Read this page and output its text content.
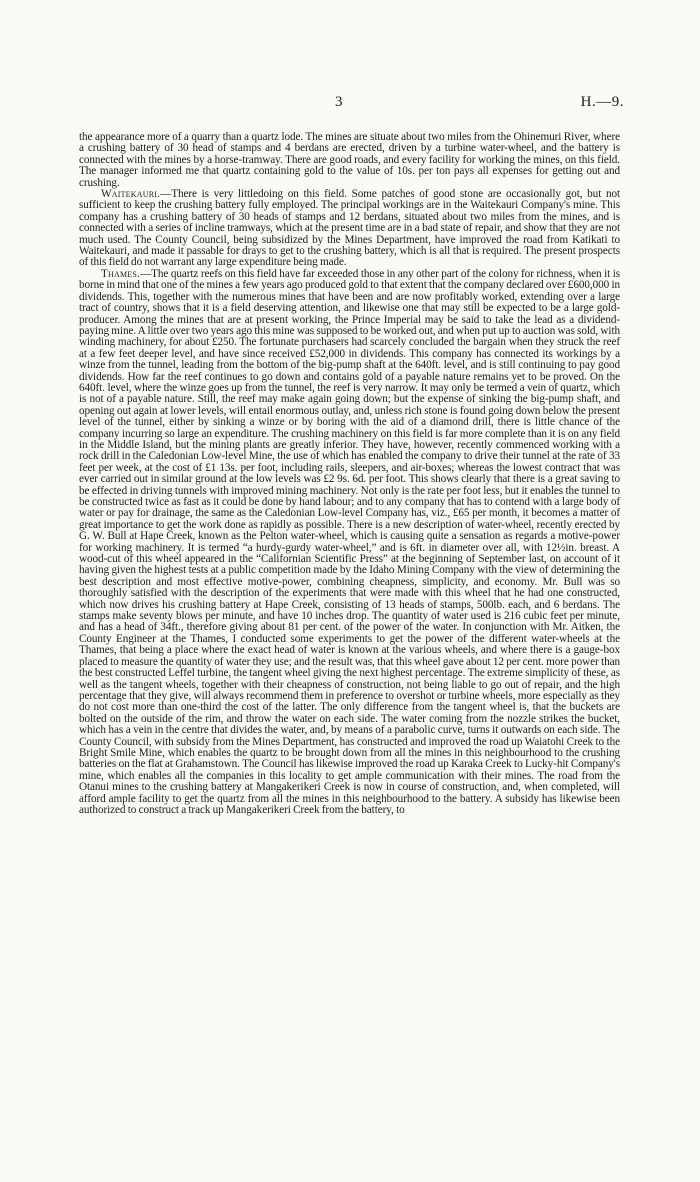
3	H.—9.

the appearance more of a quarry than a quartz lode. The mines are situate about two miles from the Ohinemuri River, where a crushing battery of 30 head of stamps and 4 berdans are erected, driven by a turbine water-wheel, and the battery is connected with the mines by a horse-tramway. There are good roads, and every facility for working the mines, on this field. The manager informed me that quartz containing gold to the value of 10s. per ton pays all expenses for getting out and crushing.

Waitekauri.—There is very littledoing on this field. Some patches of good stone are occasionally got, but not sufficient to keep the crushing battery fully employed. The principal workings are in the Waitekauri Company's mine. This company has a crushing battery of 30 heads of stamps and 12 berdans, situated about two miles from the mines, and is connected with a series of incline tramways, which at the present time are in a bad state of repair, and show that they are not much used. The County Council, being subsidized by the Mines Department, have improved the road from Katikati to Waitekauri, and made it passable for drays to get to the crushing battery, which is all that is required. The present prospects of this field do not warrant any large expenditure being made.

Thames.—The quartz reefs on this field have far exceeded those in any other part of the colony for richness, when it is borne in mind that one of the mines a few years ago produced gold to that extent that the company declared over £600,000 in dividends. This, together with the numerous mines that have been and are now profitably worked, extending over a large tract of country, shows that it is a field deserving attention, and likewise one that may still be expected to be a large gold-producer. Among the mines that are at present working, the Prince Imperial may be said to take the lead as a dividend-paying mine. A little over two years ago this mine was supposed to be worked out, and when put up to auction was sold, with winding machinery, for about £250. The fortunate purchasers had scarcely concluded the bargain when they struck the reef at a few feet deeper level, and have since received £52,000 in dividends. This company has connected its workings by a winze from the tunnel, leading from the bottom of the big-pump shaft at the 640ft. level, and is still continuing to pay good dividends. How far the reef continues to go down and contains gold of a payable nature remains yet to be proved. On the 640ft. level, where the winze goes up from the tunnel, the reef is very narrow. It may only be termed a vein of quartz, which is not of a payable nature. Still, the reef may make again going down; but the expense of sinking the big-pump shaft, and opening out again at lower levels, will entail enormous outlay, and, unless rich stone is found going down below the present level of the tunnel, either by sinking a winze or by boring with the aid of a diamond drill, there is little chance of the company incurring so large an expenditure. The crushing machinery on this field is far more complete than it is on any field in the Middle Island, but the mining plants are greatly inferior. They have, however, recently commenced working with a rock drill in the Caledonian Low-level Mine, the use of which has enabled the company to drive their tunnel at the rate of 33 feet per week, at the cost of £1 13s. per foot, including rails, sleepers, and air-boxes; whereas the lowest contract that was ever carried out in similar ground at the low levels was £2 9s. 6d. per foot. This shows clearly that there is a great saving to be effected in driving tunnels with improved mining machinery. Not only is the rate per foot less, but it enables the tunnel to be constructed twice as fast as it could be done by hand labour; and to any company that has to contend with a large body of water or pay for drainage, the same as the Caledonian Low-level Company has, viz., £65 per month, it becomes a matter of great importance to get the work done as rapidly as possible. There is a new description of water-wheel, recently erected by G. W. Bull at Hape Creek, known as the Pelton water-wheel, which is causing quite a sensation as regards a motive-power for working machinery. It is termed “a hurdy-gurdy water-wheel,” and is 6ft. in diameter over all, with 12½in. breast. A wood-cut of this wheel appeared in the “Californian Scientific Press” at the beginning of September last, on account of it having given the highest tests at a public competition made by the Idaho Mining Company with the view of determining the best description and most effective motive-power, combining cheapness, simplicity, and economy. Mr. Bull was so thoroughly satisfied with the description of the experiments that were made with this wheel that he had one constructed, which now drives his crushing battery at Hape Creek, consisting of 13 heads of stamps, 500lb. each, and 6 berdans. The stamps make seventy blows per minute, and have 10 inches drop. The quantity of water used is 216 cubic feet per minute, and has a head of 34ft., therefore giving about 81 per cent. of the power of the water. In conjunction with Mr. Aitken, the County Engineer at the Thames, I conducted some experiments to get the power of the different water-wheels at the Thames, that being a place where the exact head of water is known at the various wheels, and where there is a gauge-box placed to measure the quantity of water they use; and the result was, that this wheel gave about 12 per cent. more power than the best constructed Leffel turbine, the tangent wheel giving the next highest percentage. The extreme simplicity of these, as well as the tangent wheels, together with their cheapness of construction, not being liable to go out of repair, and the high percentage that they give, will always recommend them in preference to overshot or turbine wheels, more especially as they do not cost more than one-third the cost of the latter. The only difference from the tangent wheel is, that the buckets are bolted on the outside of the rim, and throw the water on each side. The water coming from the nozzle strikes the bucket, which has a vein in the centre that divides the water, and, by means of a parabolic curve, turns it outwards on each side. The County Council, with subsidy from the Mines Department, has constructed and improved the road up Waiatohi Creek to the Bright Smile Mine, which enables the quartz to be brought down from all the mines in this neighbourhood to the crushing batteries on the flat at Grahamstown. The Council has likewise improved the road up Karaka Creek to Lucky-hit Company's mine, which enables all the companies in this locality to get ample communication with their mines. The road from the Otanui mines to the crushing battery at Mangakerikeri Creek is now in course of construction, and, when completed, will afford ample facility to get the quartz from all the mines in this neighbourhood to the battery. A subsidy has likewise been authorized to construct a track up Mangakerikeri Creek from the battery, to
